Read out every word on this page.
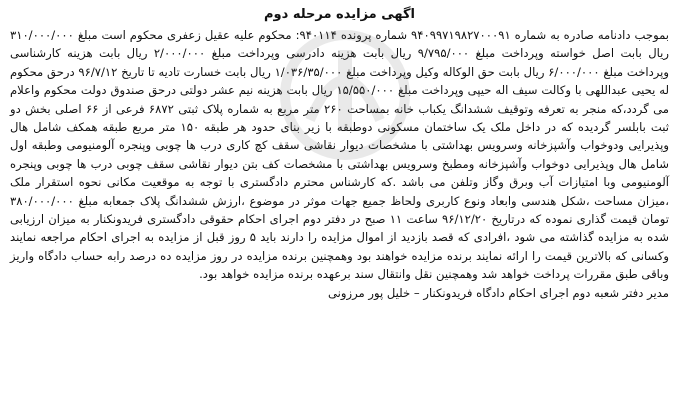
اگهی مزایده مرحله دوم

بموجب دادنامه صادره به شماره ۹۴۰۹۹۷۱۹۸۲۷۰۰۰۹۱ شماره پرونده ۹۴۰۱۱۴: محکوم علیه عقیل زعفری محکوم است مبلغ ۳۱۰/۰۰۰/۰۰۰ ریال بابت اصل خواسته وپرداخت مبلغ ۹/۷۹۵/۰۰۰ ریال بابت هزینه دادرسی وپرداخت مبلغ ۲/۰۰۰/۰۰۰ ریال بابت هزینه کارشناسی وپرداخت مبلغ ۶/۰۰۰/۰۰۰ ریال بابت حق الوکاله وکیل وپرداخت مبلغ ۱/۰۳۶/۳۵/۰۰۰ ریال بابت خسارت تادیه تا تاریخ ۹۶/۷/۱۲ درحق محکوم له یحیی عبداللهی با وکالت سیف اله حیپی وپرداخت مبلغ ۱۵/۵۵۰/۰۰۰ ریال بابت هزینه نیم عشر دولتی درحق صندوق دولت محکوم واعلام می گردد،که منجر به تعرفه وتوقیف ششدانگ یکباب خانه بمساحت ۲۶۰ متر مربع به شماره پلاک ثبتی ۶۸۷۲ فرعی از ۶۶ اصلی بخش دو ثبت بابلسر گردیده که در داخل ملک یک ساختمان مسکونی دوطبقه با زیر بنای حدود هر طبقه ۱۵۰ متر مربع طبقه همکف شامل هال وپذیرایی ودوخواب وآشپزخانه وسرویس بهداشتی با مشخصات دیوار نقاشی سقف کچ کاری درب ها چوبی وپنجره آلومنیومی وطبقه اول شامل هال وپذیرایی دوخواب وآشپزخانه ومطبخ وسرویس بهداشتی با مشخصات کف بتن دیوار نقاشی سقف چوبی درب ها چوبی وپنجره آلومنیومی وبا امتیازات آب وبرق وگاز وتلفن می باشد .که کارشناس محترم دادگستری با توجه به موقعیت مکانی نحوه استقرار ملک ،میزان مساحت ،شکل هندسی وابعاد ونوع کاربری ولحاظ جمیع جهات موثر در موضوع ،ارزش ششدانگ پلاک جمعابه مبلغ ۳۸۰/۰۰۰/۰۰۰ تومان قیمت گذاری نموده که درتاریخ ۹۶/۱۲/۲۰ ساعت ۱۱ صبح در دفتر دوم اجرای احکام حقوقی دادگستری فریدونکنار به میزان ارزیابی شده به مزایده گذاشته می شود ،افرادی که قصد بازدید از اموال مزایده را دارند باید ۵ روز قبل از مزایده به اجرای احکام مراجعه نمایند وکسانی که بالاترین قیمت را ارائه نمایند برنده مزایده خواهند بود وهمچنین برنده مزایده در روز مزایده ده درصد رابه حساب دادگاه واریز وباقی طبق مقررات پرداخت خواهد شد وهمچنین نقل وانتقال سند برعهده برنده مزایده خواهد بود.

مدیر دفتر شعبه دوم اجرای احکام دادگاه فریدونکنار – خلیل پور مرزونی
